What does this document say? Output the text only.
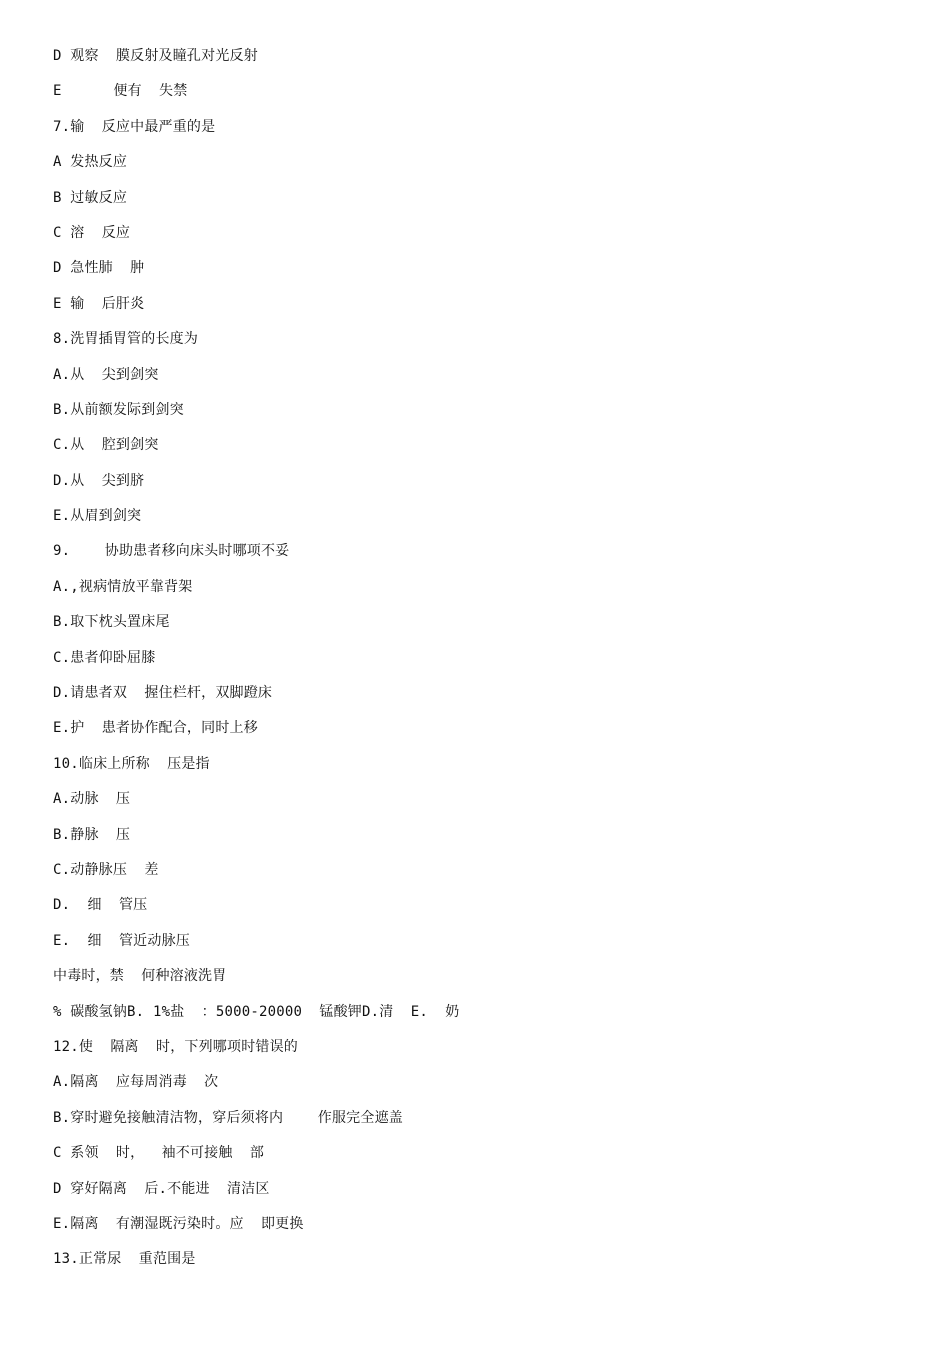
D 观察  膜反射及瞳孔对光反射
E      便有  失禁
7.输  反应中最严重的是
A 发热反应
B 过敏反应
C 溶  反应
D 急性肺  肿
E 输  后肝炎
8.洗胃插胃管的长度为
A.从  尖到剑突
B.从前额发际到剑突
C.从  腔到剑突
D.从  尖到脐
E.从眉到剑突
9.    协助患者移向床头时哪项不妥
A.,视病情放平靠背架
B.取下枕头置床尾
C.患者仰卧屈膝
D.请患者双  握住栏杆，双脚蹬床
E.护  患者协作配合，同时上移
10.临床上所称  压是指
A.动脉  压
B.静脉  压
C.动静脉压  差
D.  细  管压
E.  细  管近动脉压
中毒时，禁  何种溶液洗胃
% 碳酸氢钠B. 1%盐  ：5000-20000  锰酸钾D.清  E.  奶
12.使  隔离  时，下列哪项时错误的
A.隔离  应每周消毒  次
B.穿时避免接触清洁物，穿后须将内    作服完全遮盖
C 系领  时，  袖不可接触  部
D 穿好隔离  后.不能进  清洁区
E.隔离  有潮湿既污染时。应  即更换
13.正常尿  重范围是
